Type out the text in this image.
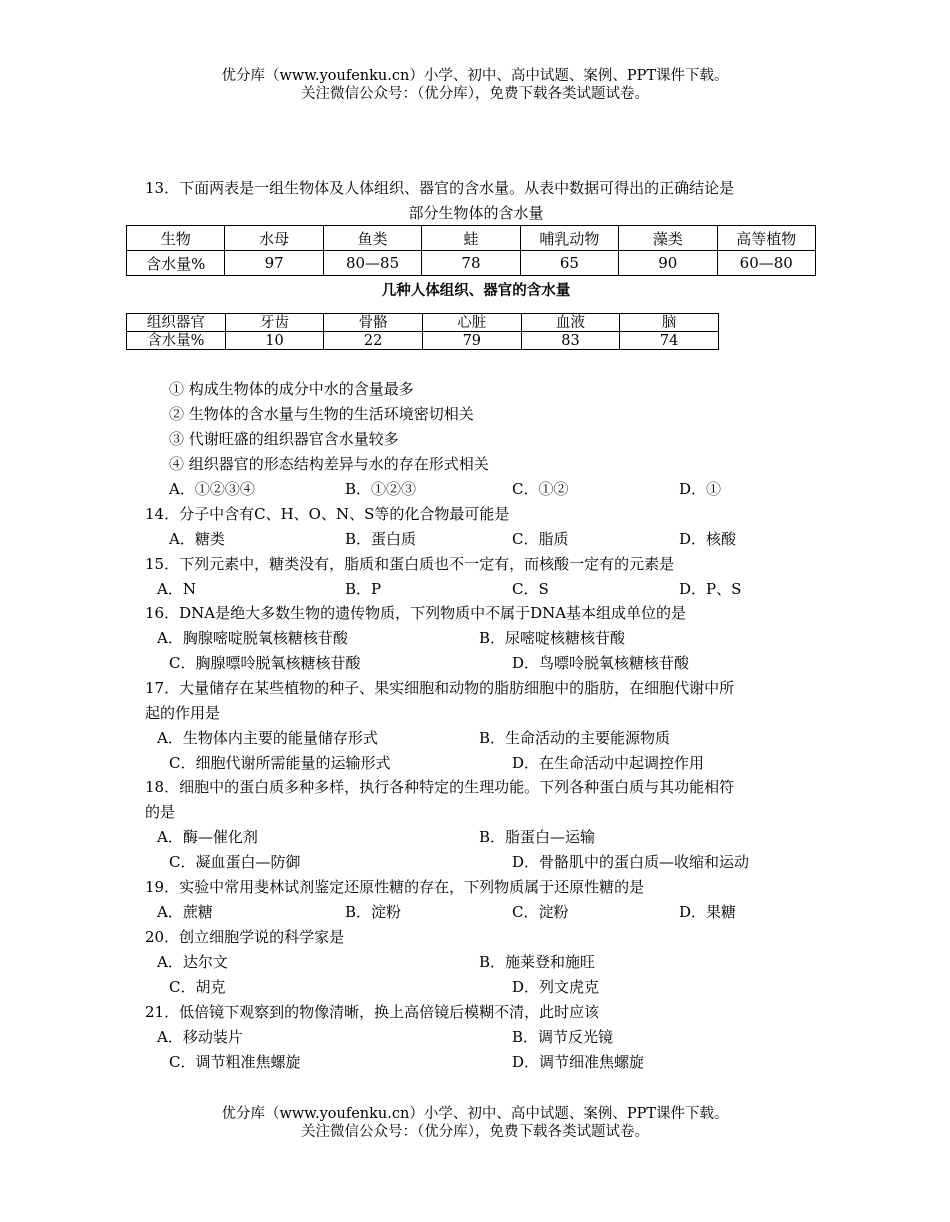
优分库（www.youfenku.cn）小学、初中、高中试题、案例、PPT课件下载。
关注微信公众号：（优分库），免费下载各类试题试卷。
13．下面两表是一组生物体及人体组织、器官的含水量。从表中数据可得出的正确结论是
部分生物体的含水量
生物	水母	鱼类	蛙	哺乳动物	藻类	高等植物
含水量%	97	80—85	78	65	90	60—80
几种人体组织、器官的含水量
组织器官	牙齿	骨骼	心脏	血液	脑
含水量%	10	22	79	83	74
① 构成生物体的成分中水的含量最多
② 生物体的含水量与生物的生活环境密切相关
③ 代谢旺盛的组织器官含水量较多
④ 组织器官的形态结构差异与水的存在形式相关
A．①②③④	B．①②③	C．①②	D．①
14．分子中含有C、H、O、N、S等的化合物最可能是
A．糖类	B．蛋白质	C．脂质	D．核酸
15．下列元素中，糖类没有，脂质和蛋白质也不一定有，而核酸一定有的元素是
A．N	B．P	C．S	D．P、S
16．DNA是绝大多数生物的遗传物质，下列物质中不属于DNA基本组成单位的是
A．胸腺嘧啶脱氧核糖核苷酸	B．尿嘧啶核糖核苷酸
C．胸腺嘌呤脱氧核糖核苷酸	D．鸟嘌呤脱氧核糖核苷酸
17．大量储存在某些植物的种子、果实细胞和动物的脂肪细胞中的脂肪，在细胞代谢中所
起的作用是
A．生物体内主要的能量储存形式	B．生命活动的主要能源物质
C．细胞代谢所需能量的运输形式	D．在生命活动中起调控作用
18．细胞中的蛋白质多种多样，执行各种特定的生理功能。下列各种蛋白质与其功能相符
的是
A．酶—催化剂	B．脂蛋白—运输
C．凝血蛋白—防御	D．骨骼肌中的蛋白质—收缩和运动
19．实验中常用斐林试剂鉴定还原性糖的存在，下列物质属于还原性糖的是
A．蔗糖	B．淀粉	C．淀粉	D．果糖
20．创立细胞学说的科学家是
A．达尔文	B．施莱登和施旺
C．胡克	D．列文虎克
21．低倍镜下观察到的物像清晰，换上高倍镜后模糊不清，此时应该
A．移动装片	B．调节反光镜
C．调节粗准焦螺旋	D．调节细准焦螺旋
优分库（www.youfenku.cn）小学、初中、高中试题、案例、PPT课件下载。
关注微信公众号：（优分库），免费下载各类试题试卷。
